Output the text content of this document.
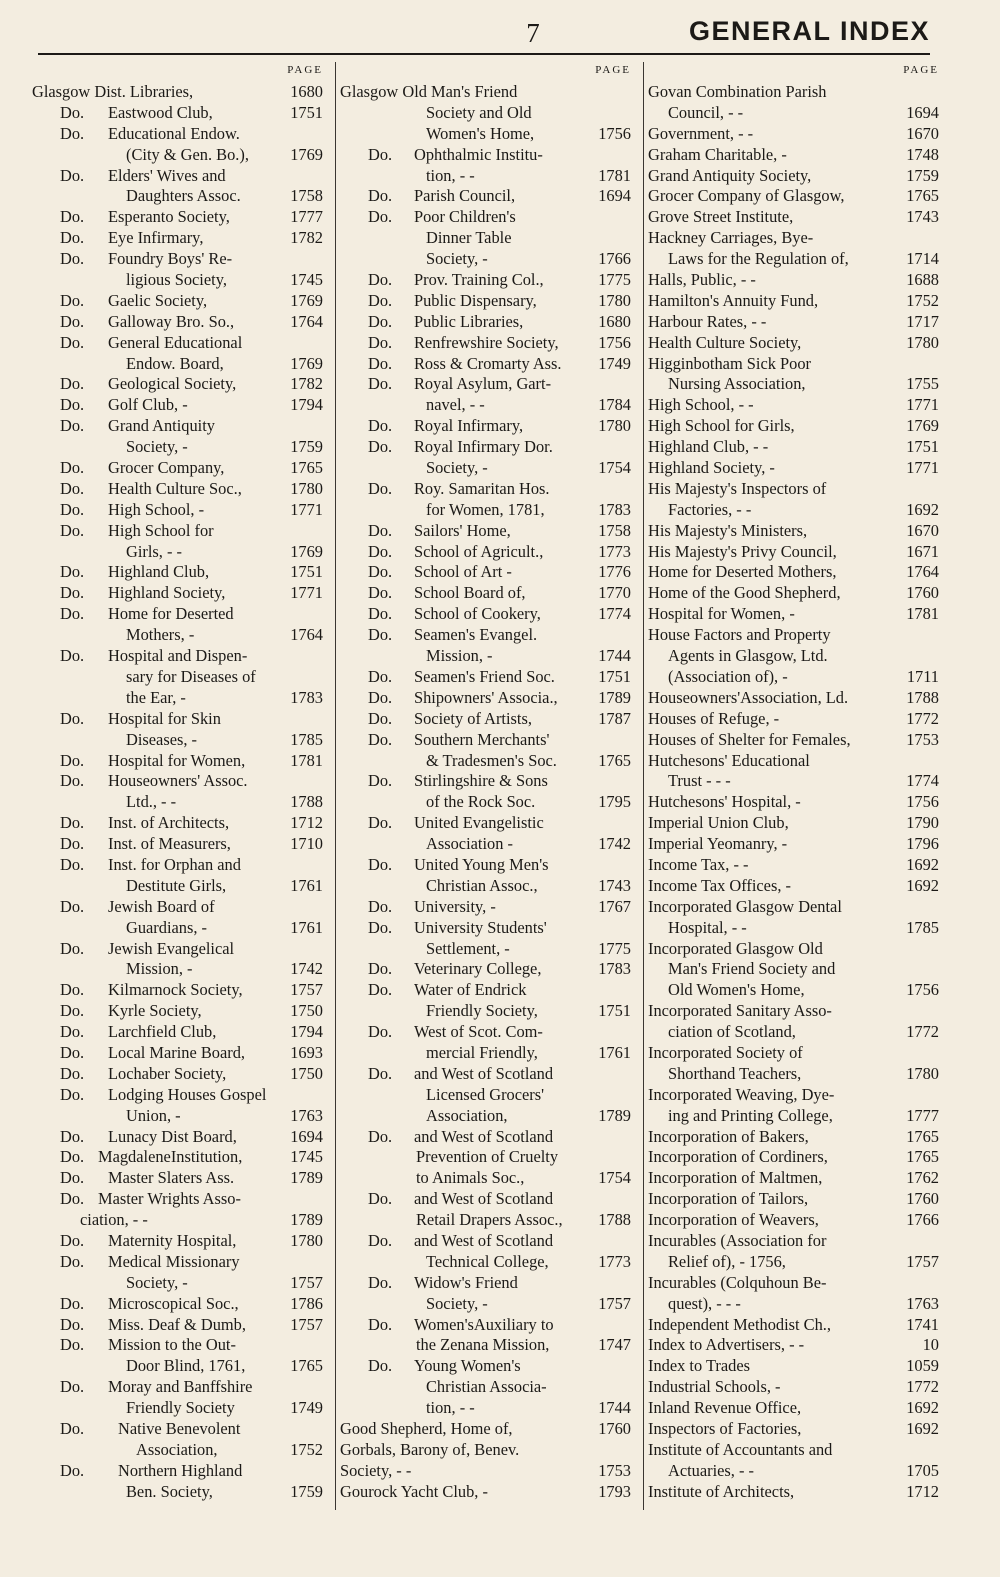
7	GENERAL INDEX
PAGE
Glasgow Dist. Libraries,	1680
Do. Eastwood Club,	1751
Do. Educational Endow.
(City & Gen. Bo.),	1769
Do. Elders' Wives and
Daughters Assoc.	1758
Do. Esperanto Society,	1777
Do. Eye Infirmary,	1782
Do. Foundry Boys' Re-
ligious Society,	1745
Do. Gaelic Society,	1769
Do. Galloway Bro. So.,	1764
Do. General Educational
Endow. Board,	1769
Do. Geological Society,	1782
Do. Golf Club, -	1794
Do. Grand Antiquity
Society, -	1759
Do. Grocer Company,	1765
Do. Health Culture Soc.,	1780
Do. High School, -	1771
Do. High School for
Girls, - -	1769
Do. Highland Club,	1751
Do. Highland Society,	1771
Do. Home for Deserted
Mothers, -	1764
Do. Hospital and Dispen-
sary for Diseases of
the Ear, -	1783
Do. Hospital for Skin
Diseases, -	1785
Do. Hospital for Women,	1781
Do. Houseowners' Assoc.
Ltd., - -	1788
Do. Inst. of Architects,	1712
Do. Inst. of Measurers,	1710
Do. Inst. for Orphan and
Destitute Girls,	1761
Do. Jewish Board of
Guardians, -	1761
Do. Jewish Evangelical
Mission, -	1742
Do. Kilmarnock Society,	1757
Do. Kyrle Society,	1750
Do. Larchfield Club,	1794
Do. Local Marine Board,	1693
Do. Lochaber Society,	1750
Do. Lodging Houses Gospel
Union, -	1763
Do. Lunacy Dist Board,	1694
Do. MagdaleneInstitution,	1745
Do. Master Slaters Ass.	1789
Do. Master Wrights Asso-
ciation, - -	1789
Do. Maternity Hospital,	1780
Do. Medical Missionary
Society, -	1757
Do. Microscopical Soc.,	1786
Do. Miss. Deaf & Dumb,	1757
Do. Mission to the Out-
Door Blind, 1761,	1765
Do. Moray and Banffshire
Friendly Society	1749
Do. Native Benevolent
Association,	1752
Do. Northern Highland
Ben. Society,	1759
PAGE
Glasgow Old Man's Friend
Society and Old
Women's Home,	1756
Do. Ophthalmic Institu-
tion, - -	1781
Do. Parish Council,	1694
Do. Poor Children's
Dinner Table
Society, -	1766
Do. Prov. Training Col.,	1775
Do. Public Dispensary,	1780
Do. Public Libraries,	1680
Do. Renfrewshire Society,	1756
Do. Ross & Cromarty Ass.	1749
Do. Royal Asylum, Gart-
navel, - -	1784
Do. Royal Infirmary,	1780
Do. Royal Infirmary Dor.
Society, -	1754
Do. Roy. Samaritan Hos.
for Women, 1781,	1783
Do. Sailors' Home,	1758
Do. School of Agricult.,	1773
Do. School of Art -	1776
Do. School Board of,	1770
Do. School of Cookery,	1774
Do. Seamen's Evangel.
Mission, -	1744
Do. Seamen's Friend Soc.	1751
Do. Shipowners' Associa.,	1789
Do. Society of Artists,	1787
Do. Southern Merchants'
& Tradesmen's Soc.	1765
Do. Stirlingshire & Sons
of the Rock Soc.	1795
Do. United Evangelistic
Association -	1742
Do. United Young Men's
Christian Assoc.,	1743
Do. University, -	1767
Do. University Students'
Settlement, -	1775
Do. Veterinary College,	1783
Do. Water of Endrick
Friendly Society,	1751
Do. West of Scot. Com-
mercial Friendly,	1761
Do. and West of Scotland
Licensed Grocers'
Association,	1789
Do. and West of Scotland
Prevention of Cruelty
to Animals Soc.,	1754
Do. and West of Scotland
Retail Drapers Assoc.,	1788
Do. and West of Scotland
Technical College,	1773
Do. Widow's Friend
Society, -	1757
Do. Women'sAuxiliary to
the Zenana Mission,	1747
Do. Young Women's
Christian Associa-
tion, - -	1744
Good Shepherd, Home of,	1760
Gorbals, Barony of, Benev.
Society, - -	1753
Gourock Yacht Club, -	1793
PAGE
Govan Combination Parish
Council, - -	1694
Government, - -	1670
Graham Charitable, -	1748
Grand Antiquity Society,	1759
Grocer Company of Glasgow,	1765
Grove Street Institute,	1743
Hackney Carriages, Bye-
Laws for the Regulation of,	1714
Halls, Public, - -	1688
Hamilton's Annuity Fund,	1752
Harbour Rates, - -	1717
Health Culture Society,	1780
Higginbotham Sick Poor
Nursing Association,	1755
High School, - -	1771
High School for Girls,	1769
Highland Club, - -	1751
Highland Society, -	1771
His Majesty's Inspectors of
Factories, - -	1692
His Majesty's Ministers,	1670
His Majesty's Privy Council,	1671
Home for Deserted Mothers,	1764
Home of the Good Shepherd,	1760
Hospital for Women, -	1781
House Factors and Property
Agents in Glasgow, Ltd.
(Association of), -	1711
Houseowners'Association, Ld.	1788
Houses of Refuge, -	1772
Houses of Shelter for Females,	1753
Hutchesons' Educational
Trust - - -	1774
Hutchesons' Hospital, -	1756
Imperial Union Club,	1790
Imperial Yeomanry, -	1796
Income Tax, - -	1692
Income Tax Offices, -	1692
Incorporated Glasgow Dental
Hospital, - -	1785
Incorporated Glasgow Old
Man's Friend Society and
Old Women's Home,	1756
Incorporated Sanitary Asso-
ciation of Scotland,	1772
Incorporated Society of
Shorthand Teachers,	1780
Incorporated Weaving, Dye-
ing and Printing College,	1777
Incorporation of Bakers,	1765
Incorporation of Cordiners,	1765
Incorporation of Maltmen,	1762
Incorporation of Tailors,	1760
Incorporation of Weavers,	1766
Incurables (Association for
Relief of), - 1756,	1757
Incurables (Colquhoun Be-
quest), - - -	1763
Independent Methodist Ch.,	1741
Index to Advertisers, - -	10
Index to Trades	1059
Industrial Schools, -	1772
Inland Revenue Office,	1692
Inspectors of Factories,	1692
Institute of Accountants and
Actuaries, - -	1705
Institute of Architects,	1712
